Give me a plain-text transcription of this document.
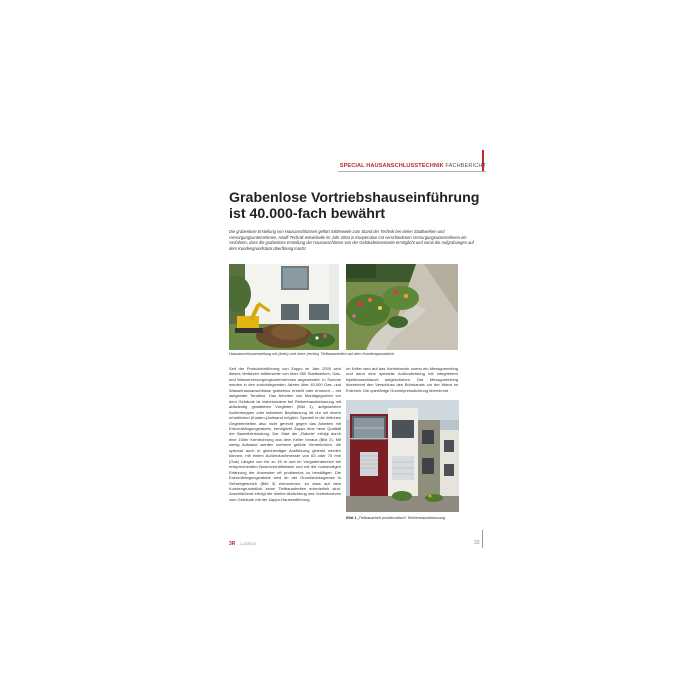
SPECIAL HAUSANSCHLUSSTECHNIK FACHBERICHT
Grabenlose Vortriebshauseinführung
ist 40.000-fach bewährt
Die grabenlose Erstellung von Hausanschlüssen gehört mittlerweile zum Stand der Technik bei vielen Stadtwerken und Versorgungsunternehmen. Hauff-Technik entwickelte im Jahr 2004 in Kooperation mit verschiedenen Versorgungsunternehmen ein Verfahren, dass die grabenlose Erstellung der Hausanschlüsse von der Gebäudeinnenseite ermöglicht und somit die Aufgrabungen auf dem Kundengrundstück überflüssig macht.
Hausanschlusserstellung mit (links) und ohne (rechts) Tiefbauarbeiten auf dem Kundengrundstück
Seit der Produkteinführung von Zappo im Jahr 2005 wird dieses Verfahren mittlerweile von über 350 Stadtwerken, Gas- und Wasserversorgungsunternehmen angewendet. In Summe wurden in den zurückliegenden Jahren über 40.000 Gas- und Wasserhausanschlüsse grabenlos erstellt oder erneuert – mit steigender Tendenz. Das Arbeiten von Montagegruben vor dem Gebäude ist insbesondere bei Reihenhausbebauung mit aufwändig gestalteten Vorgärten (Bild 1), aufgesetzten Außentreppen oder teilweiser Bepflanzung oft nur mit einem erheblichen (Kosten-)Aufwand möglich. Speziell in die örtlichen Gegebenheiten also nicht gerecht gegen das Arbeiten mit Erdverdrängungsrakete, ermöglicht Zappo eine neue Qualität der Bauteileinbindung. Der Start der „Rakete“ erfolgt durch eine 100er Kernbohrung aus dem Keller heraus (Bild 2). Mit wenig Aufwand werden mehrere geübte Vortriebrohre, die optional auch in gleichzeitiger Ausführung gelenkt werden können, mit einem Außendurchmesser von 63 oder 75 mm (Gas) Längen von bis zu 15 m und im Vorgartenbereich bei entsprechenden Bodenverhältnissen und mit der notwendigen Erfahrung der Anwender oft problemlos zu bewältigen. Die Erdverdrängungsrakete wird an der Grundstücksgrenze in Gehwegbereich (Bild 3) entnommen, so dass auf dem Kundengrundstück keine Tiefbauarbeiten erforderlich sind. Anschließend erfolgt die direkte Abdichtung des Vortriebrohres zum Gebäude mit der Zappo-Hauseinführung.
Im Keller wird auf das Vortriebsrohr zuerst ein Messgummiring und dann eine spezielle Außendichtung mit integriertem Injektionsschlauch aufgeschoben. Der Messgummiring übernimmt den Verschluss des Bohrkanals vor der Wand im Erdreich. Die querfähige Gummipressdichtung übernimmt
Bild 1 „Tiefbauarbeit problematisch“ Reihenhausbebauung
3R 1-2/2013	33
